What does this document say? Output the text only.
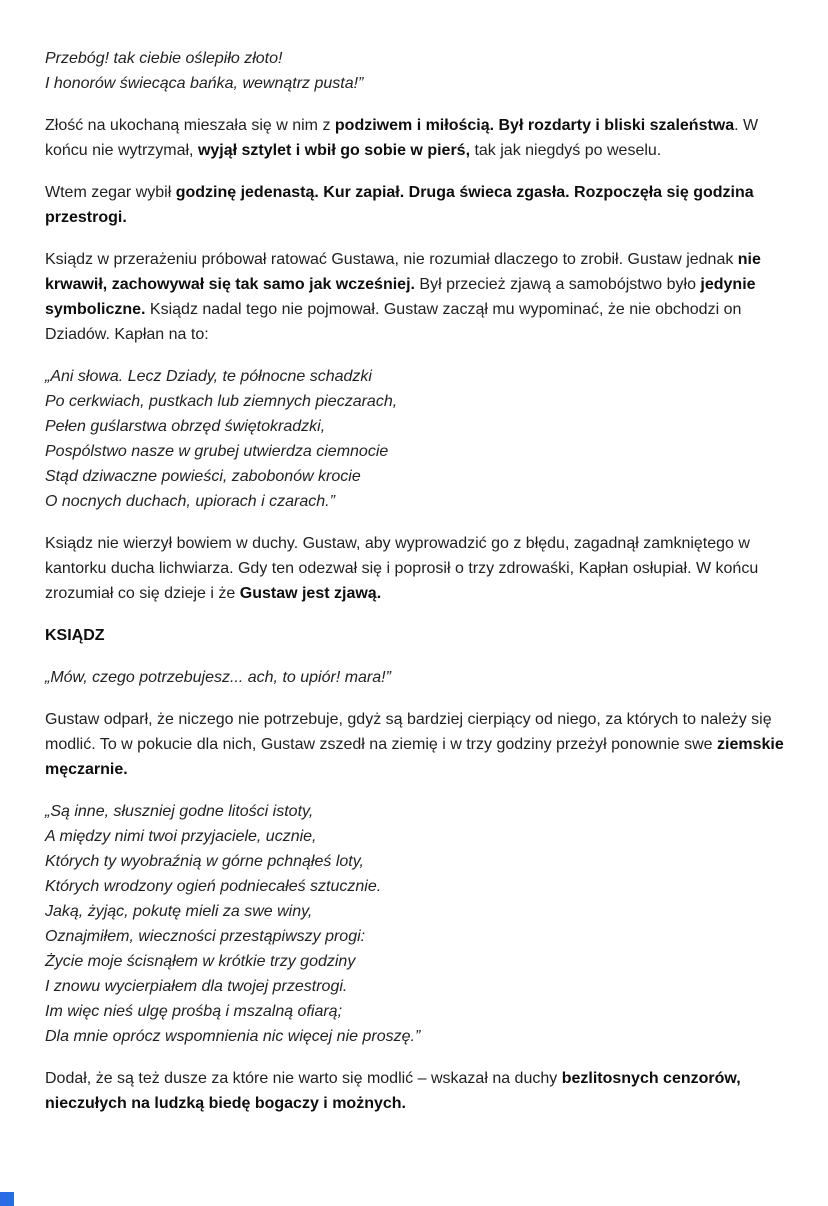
Przebóg! tak ciebie oślepiło złoto!
I honorów świecąca bańka, wewnątrz pusta!”

Złość na ukochaną mieszała się w nim z podziwem i miłością. Był rozdarty i bliski szaleństwa. W końcu nie wytrzymał, wyjął sztylet i wbił go sobie w pierś, tak jak niegdyś po weselu.

Wtem zegar wybił godzinę jedenastą. Kur zapiał. Druga świeca zgasła. Rozpoczęła się godzina przestrogi.

Ksiądz w przerażeniu próbował ratować Gustawa, nie rozumiał dlaczego to zrobił. Gustaw jednak nie krwawił, zachowywał się tak samo jak wcześniej. Był przecież zjawą a samobójstwo było jedynie symboliczne. Ksiądz nadal tego nie pojmował. Gustaw zaczął mu wypominać, że nie obchodzi on Dziadów. Kapłan na to:

„Ani słowa. Lecz Dziady, te północne schadzki
Po cerkwiach, pustkach lub ziemnych pieczarach,
Pełen guślarstwa obrzęd świętokradzki,
Pospólstwo nasze w grubej utwierdza ciemnocie
Stąd dziwaczne powieści, zabobonów krocie
O nocnych duchach, upiorach i czarach.”

Ksiądz nie wierzył bowiem w duchy. Gustaw, aby wyprowadzić go z błędu, zagadnął zamkniętego w kantorku ducha lichwiarza. Gdy ten odezwał się i poprosił o trzy zdrowaśki, Kapłan osłupiał. W końcu zrozumiał co się dzieje i że Gustaw jest zjawą.

KSIĄDZ
„Mów, czego potrzebujesz... ach, to upiór! mara!”

Gustaw odparł, że niczego nie potrzebuje, gdyż są bardziej cierpiący od niego, za których to należy się modlić. To w pokucie dla nich, Gustaw zszedł na ziemię i w trzy godziny przeżył ponownie swe ziemskie męczarnie.

„Są inne, słuszniej godne litości istoty,
A między nimi twoi przyjaciele, ucznie,
Których ty wyobraźnią w górne pchnąłeś loty,
Których wrodzony ogień podniecałeś sztucznie.
Jaką, żyjąc, pokutę mieli za swe winy,
Oznajmiłem, wieczności przestąpiwszy progi:
Życie moje ścisnąłem w krótkie trzy godziny
I znowu wycierpiałem dla twojej przestrogi.
Im więc nieś ulgę prośbą i mszalną ofiarą;
Dla mnie oprócz wspomnienia nic więcej nie proszę.”

Dodał, że są też dusze za które nie warto się modlić – wskazał na duchy bezlitosnych cenzorów, nieczułych na ludzką biedę bogaczy i możnych.
